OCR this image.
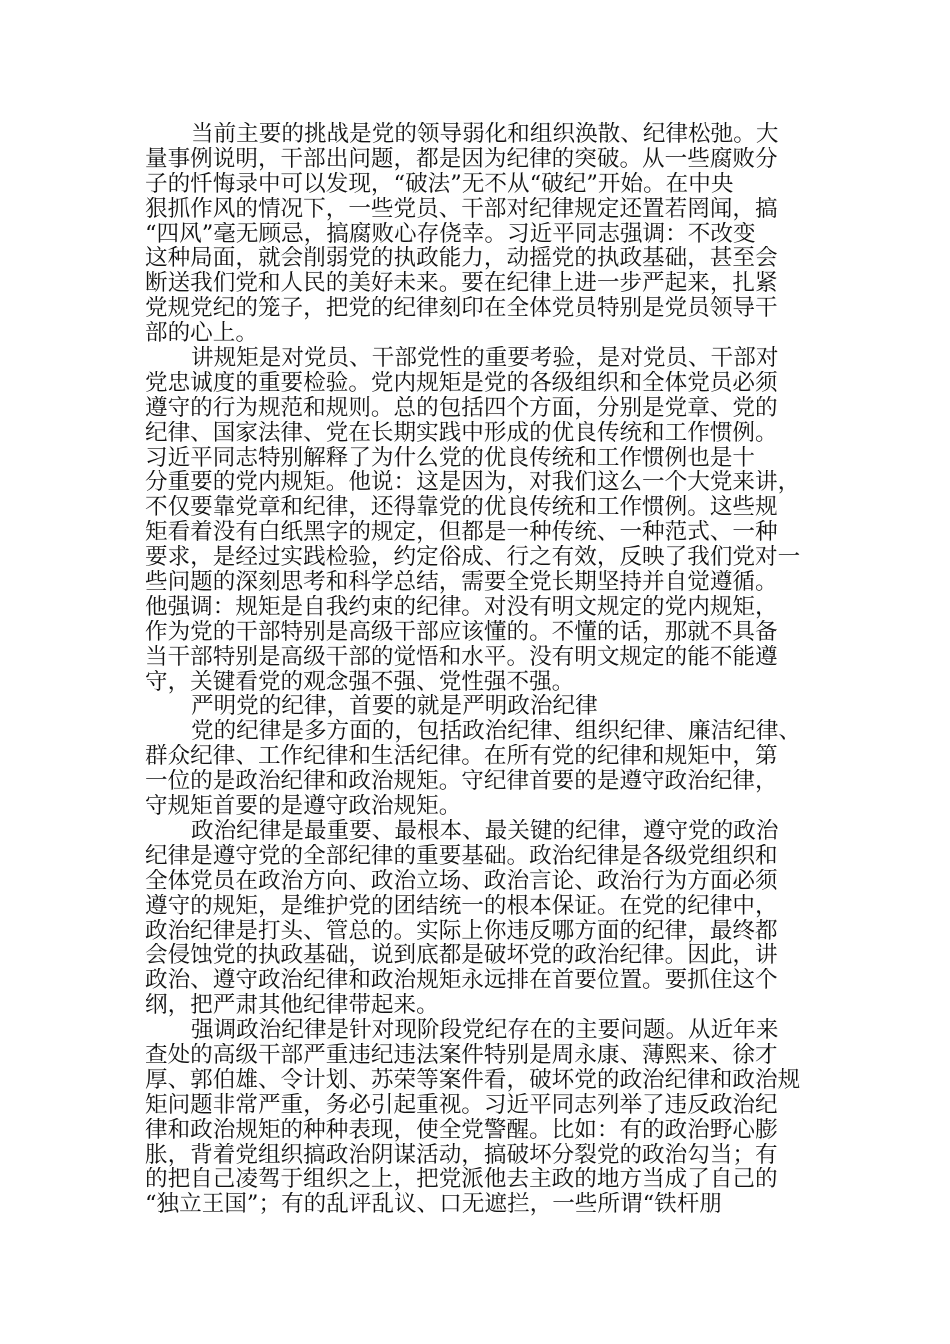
当前主要的挑战是党的领导弱化和组织涣散、纪律松弛。大
量事例说明，干部出问题，都是因为纪律的突破。从一些腐败分
子的忏悔录中可以发现，“破法”无不从“破纪”开始。在中央
狠抓作风的情况下，一些党员、干部对纪律规定还置若罔闻，搞
“四风”毫无顾忌，搞腐败心存侥幸。习近平同志强调：不改变
这种局面，就会削弱党的执政能力，动摇党的执政基础，甚至会
断送我们党和人民的美好未来。要在纪律上进一步严起来，扎紧
党规党纪的笼子，把党的纪律刻印在全体党员特别是党员领导干
部的心上。
讲规矩是对党员、干部党性的重要考验，是对党员、干部对
党忠诚度的重要检验。党内规矩是党的各级组织和全体党员必须
遵守的行为规范和规则。总的包括四个方面，分别是党章、党的
纪律、国家法律、党在长期实践中形成的优良传统和工作惯例。
习近平同志特别解释了为什么党的优良传统和工作惯例也是十
分重要的党内规矩。他说：这是因为，对我们这么一个大党来讲，
不仅要靠党章和纪律，还得靠党的优良传统和工作惯例。这些规
矩看着没有白纸黑字的规定，但都是一种传统、一种范式、一种
要求，是经过实践检验，约定俗成、行之有效，反映了我们党对一
些问题的深刻思考和科学总结，需要全党长期坚持并自觉遵循。
他强调：规矩是自我约束的纪律。对没有明文规定的党内规矩，
作为党的干部特别是高级干部应该懂的。不懂的话，那就不具备
当干部特别是高级干部的觉悟和水平。没有明文规定的能不能遵
守，关键看党的观念强不强、党性强不强。
严明党的纪律，首要的就是严明政治纪律
党的纪律是多方面的，包括政治纪律、组织纪律、廉洁纪律、
群众纪律、工作纪律和生活纪律。在所有党的纪律和规矩中，第
一位的是政治纪律和政治规矩。守纪律首要的是遵守政治纪律，
守规矩首要的是遵守政治规矩。
政治纪律是最重要、最根本、最关键的纪律，遵守党的政治
纪律是遵守党的全部纪律的重要基础。政治纪律是各级党组织和
全体党员在政治方向、政治立场、政治言论、政治行为方面必须
遵守的规矩，是维护党的团结统一的根本保证。在党的纪律中，
政治纪律是打头、管总的。实际上你违反哪方面的纪律，最终都
会侵蚀党的执政基础，说到底都是破坏党的政治纪律。因此，讲
政治、遵守政治纪律和政治规矩永远排在首要位置。要抓住这个
纲，把严肃其他纪律带起来。
强调政治纪律是针对现阶段党纪存在的主要问题。从近年来
查处的高级干部严重违纪违法案件特别是周永康、薄熙来、徐才
厚、郭伯雄、令计划、苏荣等案件看，破坏党的政治纪律和政治规
矩问题非常严重，务必引起重视。习近平同志列举了违反政治纪
律和政治规矩的种种表现，使全党警醒。比如：有的政治野心膨
胀，背着党组织搞政治阴谋活动，搞破坏分裂党的政治勾当；有
的把自己凌驾于组织之上，把党派他去主政的地方当成了自己的
“独立王国”；有的乱评乱议、口无遮拦，一些所谓“铁杆朋
